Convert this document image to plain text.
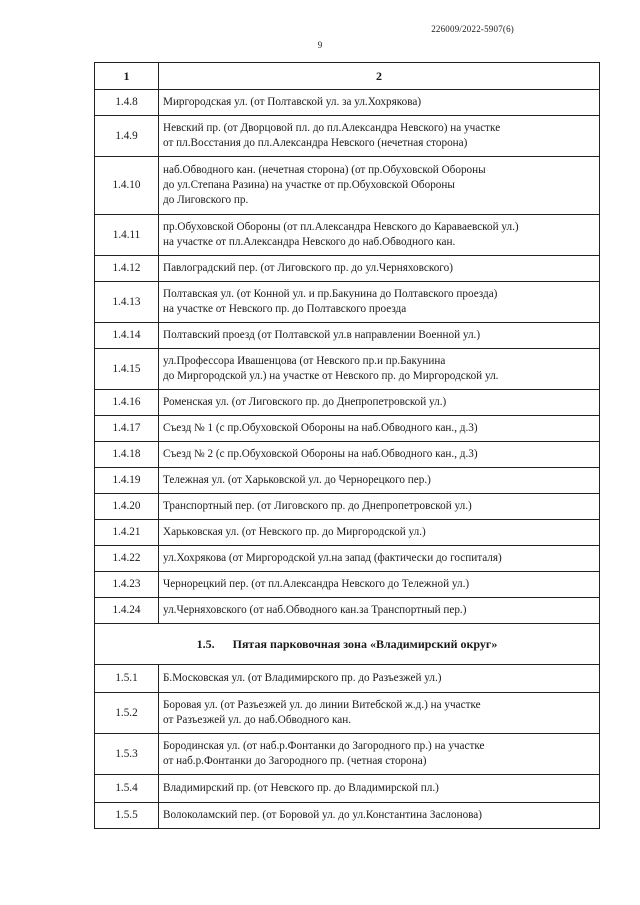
226009/2022-5907(6)
9
1	2
1.4.8	Миргородская ул. (от Полтавской ул. за ул.Хохрякова)

1.4.9	Невский пр. (от Дворцовой пл. до пл.Александра Невского) на участке
от пл.Восстания до пл.Александра Невского (нечетная сторона)

1.4.10	наб.Обводного кан. (нечетная сторона) (от пр.Обуховской Обороны
до ул.Степана Разина) на участке от пр.Обуховской Обороны
до Лиговского пр.

1.4.11	пр.Обуховской Обороны (от пл.Александра Невского до Каравaевской ул.)
на участке от пл.Александра Невского до наб.Обводного кан.

1.4.12	Павлоградский пер. (от Лиговского пр. до ул.Черняховского)

1.4.13	Полтавская ул. (от Конной ул. и пр.Бакунина до Полтавского проезда)
на участке от Невского пр. до Полтавского проезда

1.4.14	Полтавский проезд (от Полтавской ул.в направлении Военной ул.)

1.4.15	ул.Профессора Ивашенцова (от Невского пр.и пр.Бакунина
до Миргородской ул.) на участке от Невского пр. до Миргородской ул.

1.4.16	Роменская ул. (от Лиговского пр. до Днепропетровской ул.)

1.4.17	Съезд № 1 (с пр.Обуховской Обороны на наб.Обводного кан., д.3)

1.4.18	Съезд № 2 (с пр.Обуховской Обороны на наб.Обводного кан., д.3)

1.4.19	Тележная ул. (от Харьковской ул. до Чернорецкого пер.)

1.4.20	Транспортный пер. (от Лиговского пр. до Днепропетровской ул.)

1.4.21	Харьковская ул. (от Невского пр. до Миргородской ул.)

1.4.22	ул.Хохрякова (от Миргородской ул.на запад (фактически до госпиталя)

1.4.23	Чернорецкий пер. (от пл.Александра Невского до Тележной ул.)

1.4.24	ул.Черняховского (от наб.Обводного кан.за Транспортный пер.)

1.5. Пятая парковочная зона «Владимирский округ»	
1.5.1	Б.Московская ул. (от Владимирского пр. до Разъезжей ул.)

1.5.2	Боровая ул. (от Разъезжей ул. до линии Витебской ж.д.) на участке
от Разъезжей ул. до наб.Обводного кан.

1.5.3	Бородинская ул. (от наб.р.Фонтанки до Загородного пр.) на участке
от наб.р.Фонтанки до Загородного пр. (четная сторона)

1.5.4	Владимирский пр. (от Невского пр. до Владимирской пл.)

1.5.5	Волоколамский пер. (от Боровой ул. до ул.Константина Заслонова)
